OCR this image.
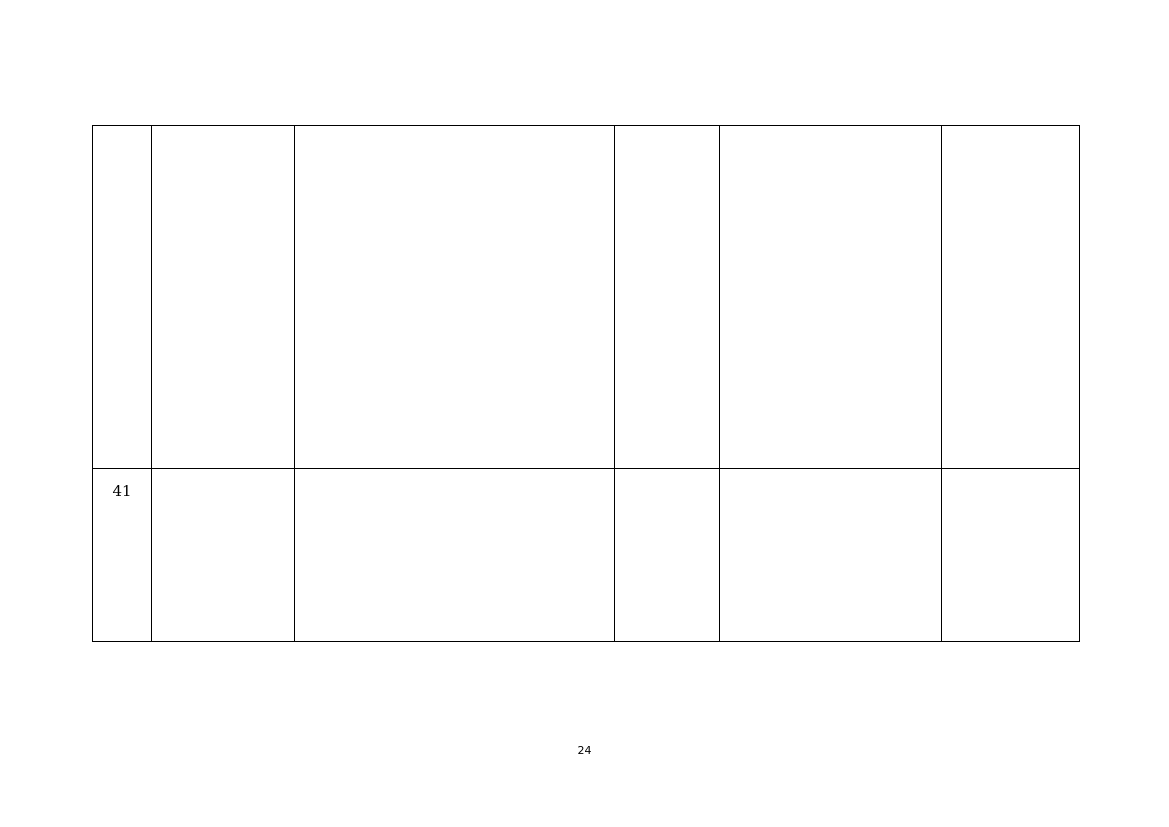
41					
24
